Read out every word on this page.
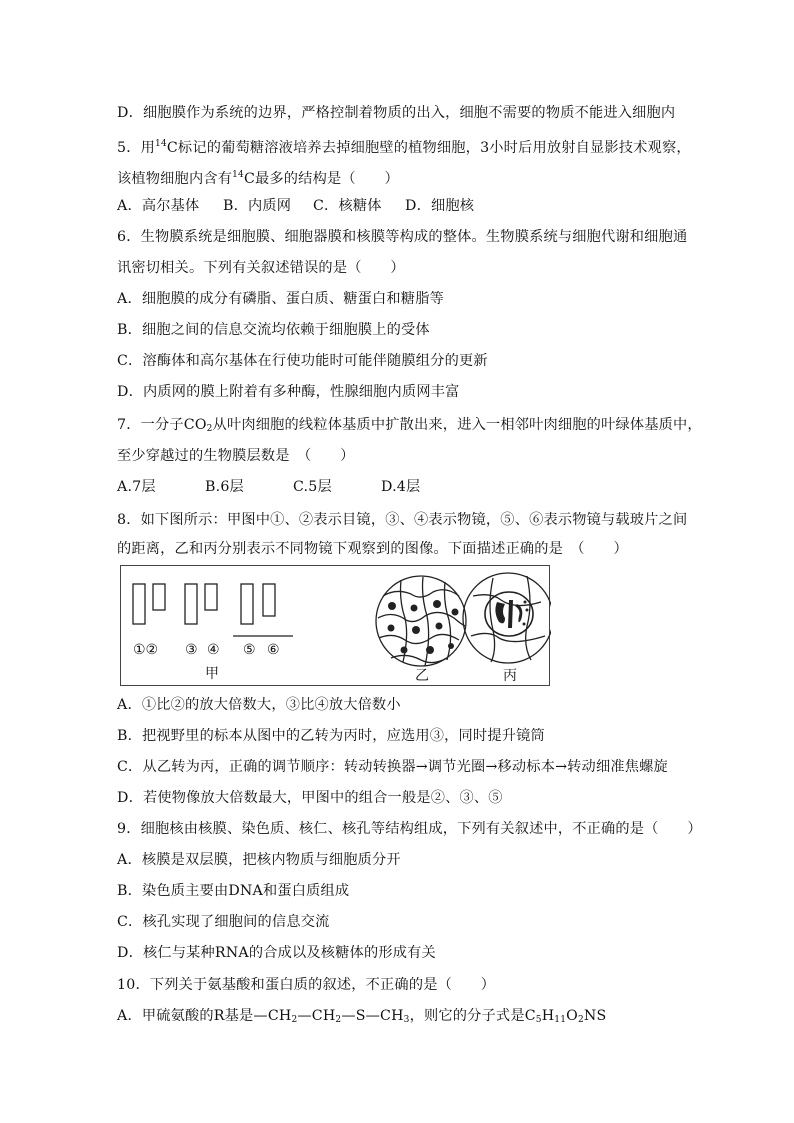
D．细胞膜作为系统的边界，严格控制着物质的出入，细胞不需要的物质不能进入细胞内
5．用$^{14}$C标记的葡萄糖溶液培养去掉细胞壁的植物细胞，3小时后用放射自显影技术观察，
该植物细胞内含有$^{14}$C最多的结构是（　　）
A．高尔基体 B．内质网 C．核糖体 D．细胞核
6．生物膜系统是细胞膜、细胞器膜和核膜等构成的整体。生物膜系统与细胞代谢和细胞通
讯密切相关。下列有关叙述错误的是（　　）
A．细胞膜的成分有磷脂、蛋白质、糖蛋白和糖脂等
B．细胞之间的信息交流均依赖于细胞膜上的受体
C．溶酶体和高尔基体在行使功能时可能伴随膜组分的更新
D．内质网的膜上附着有多种酶，性腺细胞内质网丰富
7．一分子$CO_2$从叶肉细胞的线粒体基质中扩散出来，进入一相邻叶肉细胞的叶绿体基质中，
至少穿越过的生物膜层数是　（　　）
A.7层	B.6层	C.5层	D.4层
8．如下图所示：甲图中①、②表示目镜，③、④表示物镜，⑤、⑥表示物镜与载玻片之间
的距离，乙和丙分别表示不同物镜下观察到的图像。下面描述正确的是　（　　）
①② ③ ④ ⑤ ⑥
甲	乙	丙
A．①比②的放大倍数大，③比④放大倍数小
B．把视野里的标本从图中的乙转为丙时，应选用③，同时提升镜筒
C．从乙转为丙，正确的调节顺序：转动转换器→调节光圈→移动标本→转动细准焦螺旋
D．若使物像放大倍数最大，甲图中的组合一般是②、③、⑤
9．细胞核由核膜、染色质、核仁、核孔等结构组成，下列有关叙述中，不正确的是（　　）
A．核膜是双层膜，把核内物质与细胞质分开
B．染色质主要由DNA和蛋白质组成
C．核孔实现了细胞间的信息交流
D．核仁与某种RNA的合成以及核糖体的形成有关
10．下列关于氨基酸和蛋白质的叙述，不正确的是（　　）
A．甲硫氨酸的R基是$—CH_2—CH_2—S—CH_3$，则它的分子式是$C_5H_{11}O_2NS$
